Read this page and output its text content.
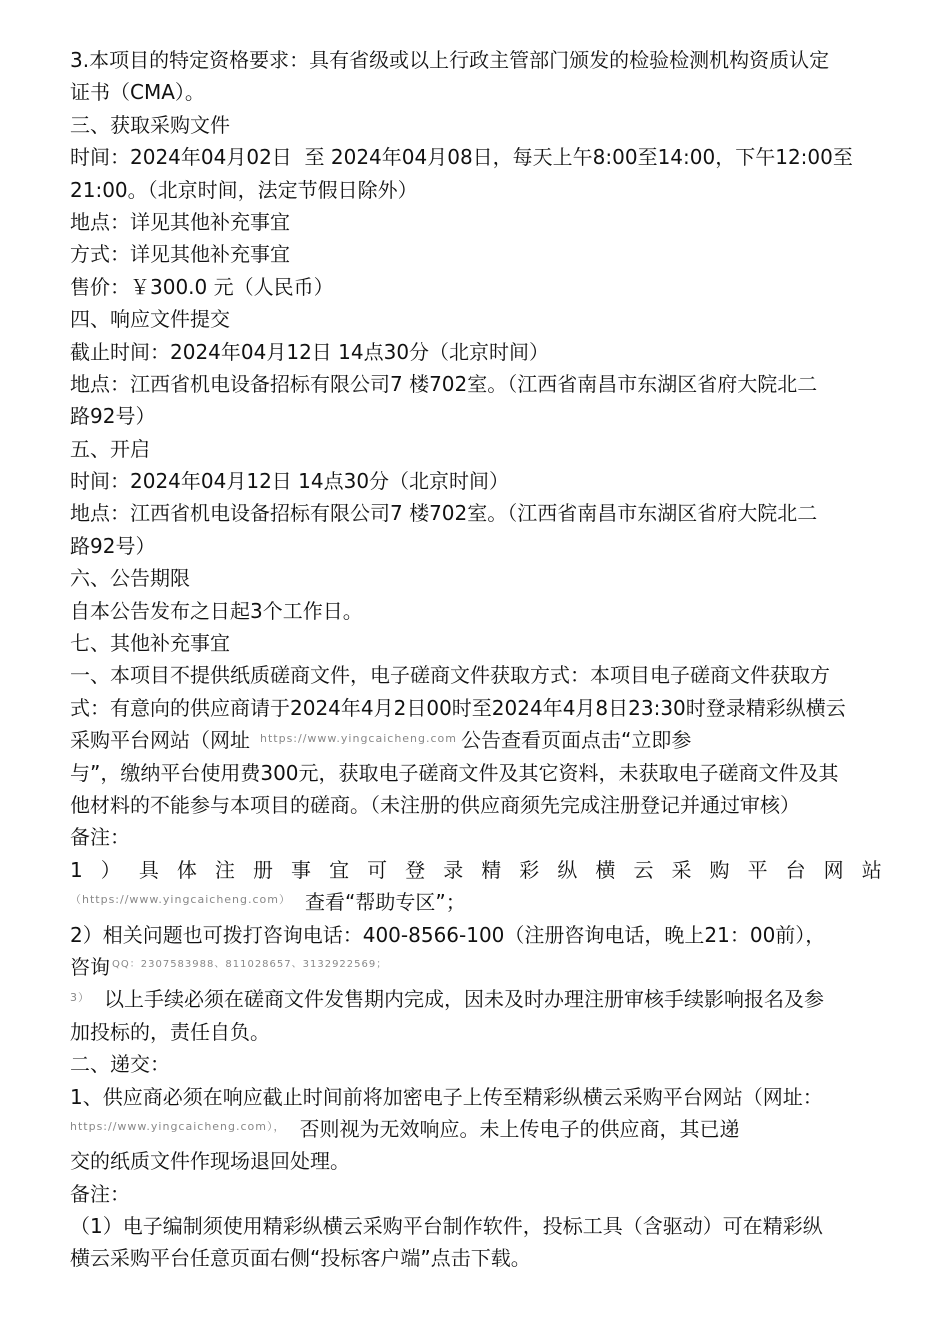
3.本项目的特定资格要求：具有省级或以上行政主管部门颁发的检验检测机构资质认定
证书（CMA）。
三、获取采购文件
时间：2024年04月02日  至 2024年04月08日，每天上午8:00至14:00，下午12:00至
21:00。（北京时间，法定节假日除外）
地点：详见其他补充事宜
方式：详见其他补充事宜
售价：￥300.0 元（人民币）
四、响应文件提交
截止时间：2024年04月12日 14点30分（北京时间）
地点：江西省机电设备招标有限公司7 楼702室。（江西省南昌市东湖区省府大院北二
路92号）
五、开启
时间：2024年04月12日 14点30分（北京时间）
地点：江西省机电设备招标有限公司7 楼702室。（江西省南昌市东湖区省府大院北二
路92号）
六、公告期限
自本公告发布之日起3个工作日。
七、其他补充事宜
一、本项目不提供纸质磋商文件，电子磋商文件获取方式：本项目电子磋商文件获取方
式：有意向的供应商请于2024年4月2日00时至2024年4月8日23:30时登录精彩纵横云
采购平台网站（网址 https://www.yingcaicheng.com 公告查看页面点击“立即参
与”，缴纳平台使用费300元，获取电子磋商文件及其它资料，未获取电子磋商文件及其
他材料的不能参与本项目的磋商。（未注册的供应商须先完成注册登记并通过审核）
备注：
1 ） 具 体 注 册 事 宜 可 登 录 精 彩 纵 横 云 采 购 平 台 网 站
（https://www.yingcaicheng.com） 查看“帮助专区”；
2）相关问题也可拨打咨询电话：400-8566-100（注册咨询电话，晚上21：00前），
咨询 QQ：2307583988、811028657、3132922569；
3） 以上手续必须在磋商文件发售期内完成，因未及时办理注册审核手续影响报名及参
加投标的，责任自负。
二、递交：
1、供应商必须在响应截止时间前将加密电子上传至精彩纵横云采购平台网站（网址：
https://www.yingcaicheng.com）， 否则视为无效响应。未上传电子的供应商，其已递
交的纸质文件作现场退回处理。
备注：
（1）电子编制须使用精彩纵横云采购平台制作软件，投标工具（含驱动）可在精彩纵
横云采购平台任意页面右侧“投标客户端”点击下载。
